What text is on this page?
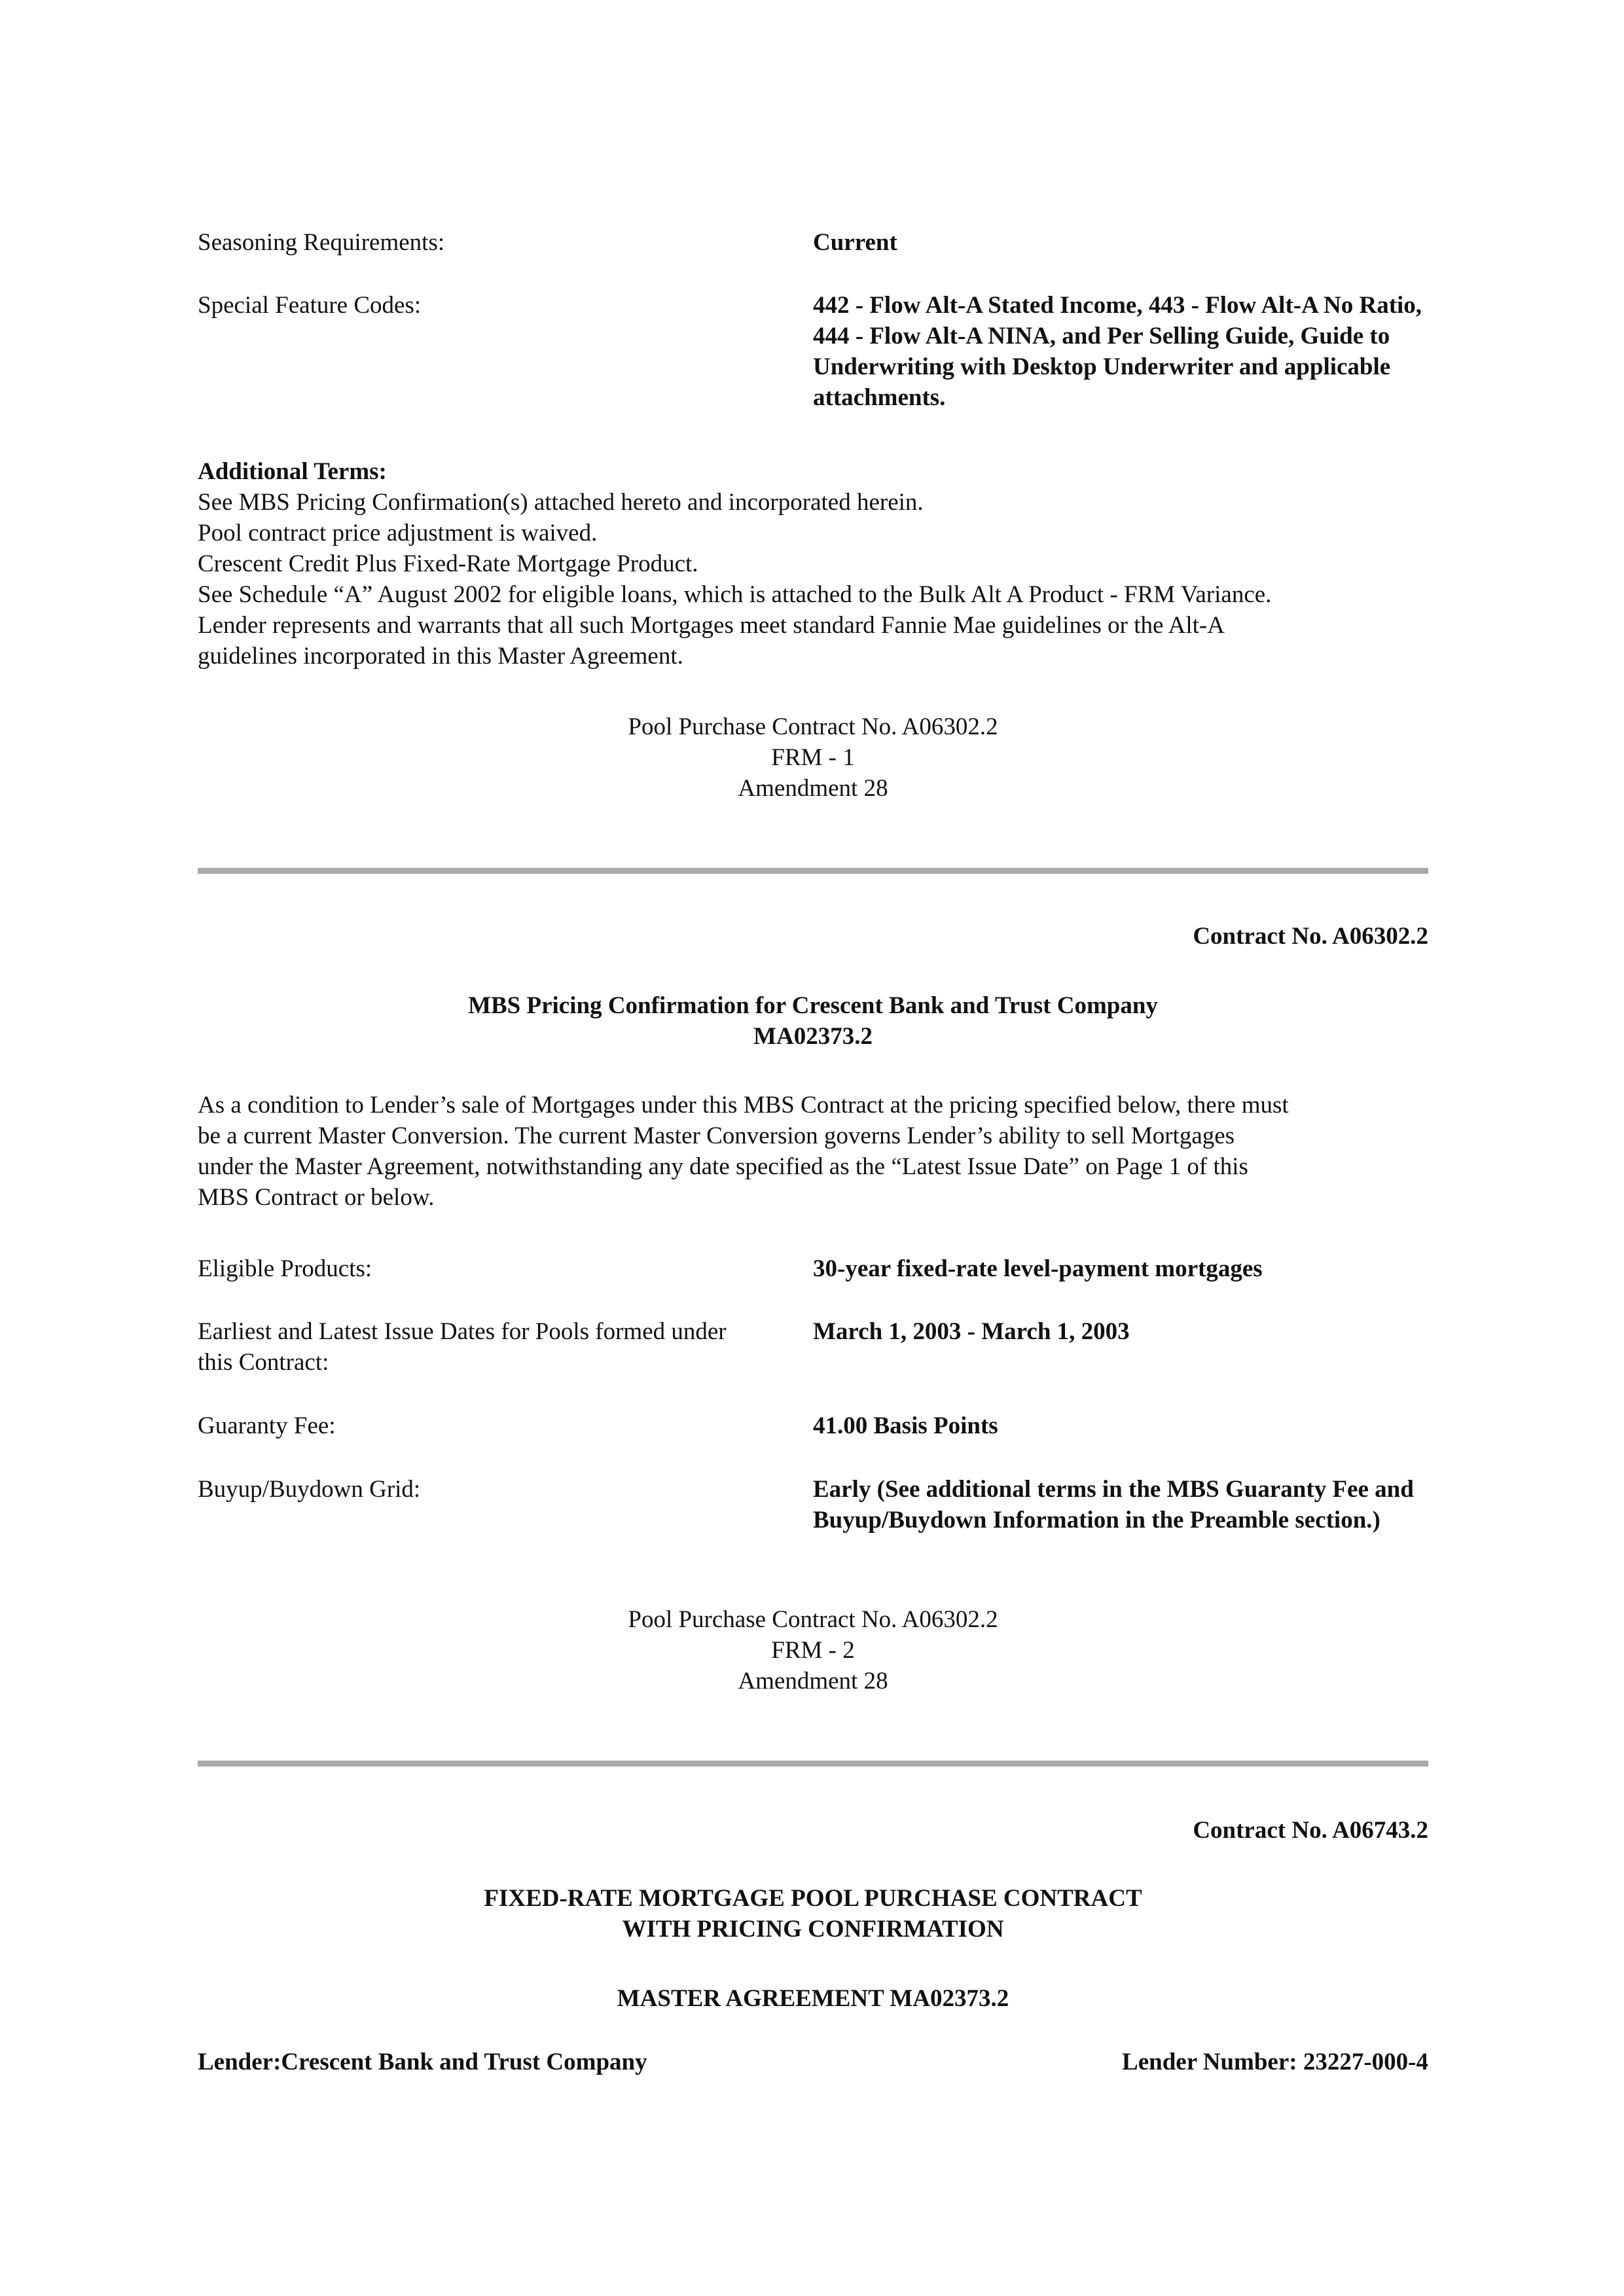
Seasoning Requirements:	Current
Special Feature Codes:	442 - Flow Alt-A Stated Income, 443 - Flow Alt-A No Ratio, 444 - Flow Alt-A NINA, and Per Selling Guide, Guide to Underwriting with Desktop Underwriter and applicable attachments.
Additional Terms:
See MBS Pricing Confirmation(s) attached hereto and incorporated herein.
Pool contract price adjustment is waived.
Crescent Credit Plus Fixed-Rate Mortgage Product.
See Schedule “A” August 2002 for eligible loans, which is attached to the Bulk Alt A Product - FRM Variance.
Lender represents and warrants that all such Mortgages meet standard Fannie Mae guidelines or the Alt-A
guidelines incorporated in this Master Agreement.
Pool Purchase Contract No. A06302.2
FRM - 1
Amendment 28
Contract No. A06302.2
MBS Pricing Confirmation for Crescent Bank and Trust Company
MA02373.2
As a condition to Lender’s sale of Mortgages under this MBS Contract at the pricing specified below, there must
be a current Master Conversion. The current Master Conversion governs Lender’s ability to sell Mortgages
under the Master Agreement, notwithstanding any date specified as the “Latest Issue Date” on Page 1 of this
MBS Contract or below.
Eligible Products:	30-year fixed-rate level-payment mortgages
Earliest and Latest Issue Dates for Pools formed under this Contract:
March 1, 2003 - March 1, 2003
Guaranty Fee:	41.00 Basis Points
Buyup/Buydown Grid:	Early (See additional terms in the MBS Guaranty Fee and Buyup/Buydown Information in the Preamble section.)
Pool Purchase Contract No. A06302.2
FRM - 2
Amendment 28
Contract No. A06743.2
FIXED-RATE MORTGAGE POOL PURCHASE CONTRACT
WITH PRICING CONFIRMATION
MASTER AGREEMENT MA02373.2
Lender:Crescent Bank and Trust Company	Lender Number: 23227-000-4
